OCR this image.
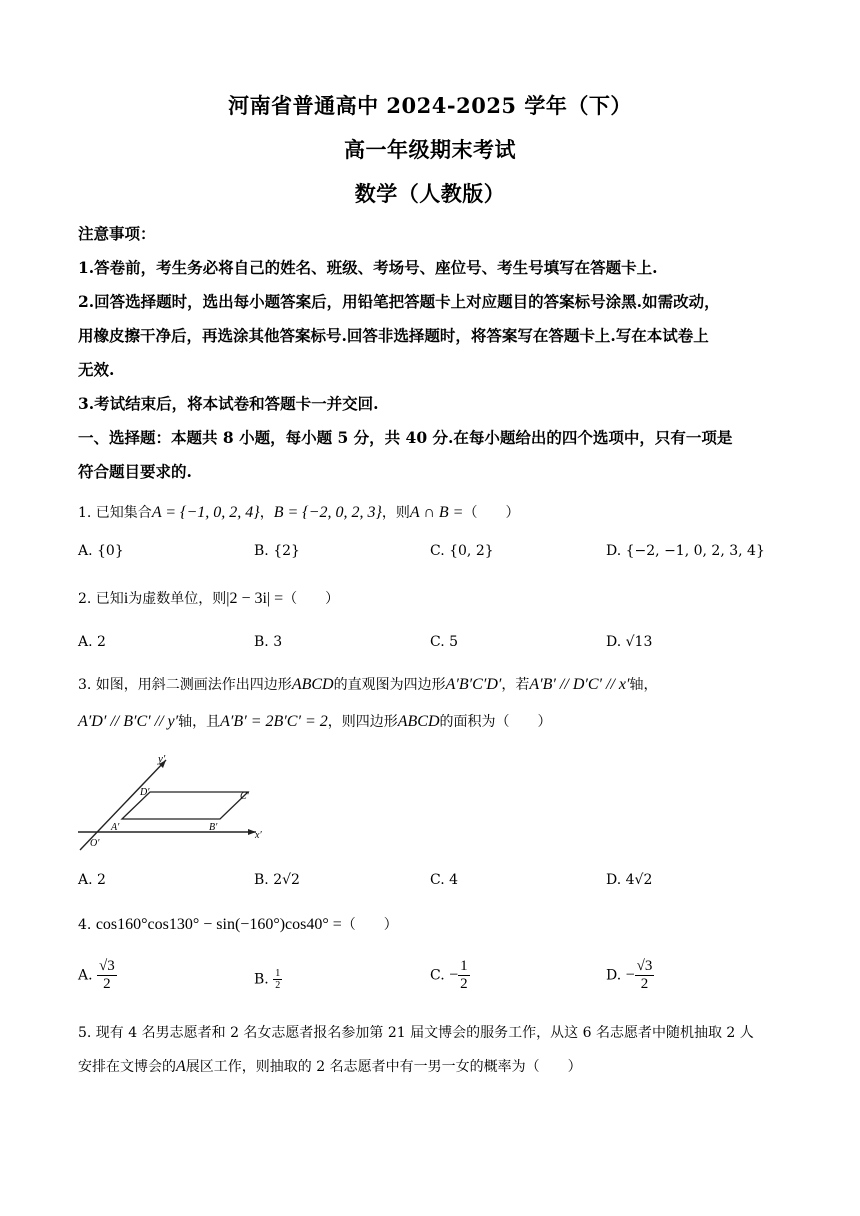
河南省普通高中 2024-2025 学年（下）
高一年级期末考试
数学（人教版）
注意事项：
1.答卷前，考生务必将自己的姓名、班级、考场号、座位号、考生号填写在答题卡上.
2.回答选择题时，选出每小题答案后，用铅笔把答题卡上对应题目的答案标号涂黑.如需改动，
用橡皮擦干净后，再选涂其他答案标号.回答非选择题时，将答案写在答题卡上.写在本试卷上
无效.
3.考试结束后，将本试卷和答题卡一并交回.
一、选择题：本题共 8 小题，每小题 5 分，共 40 分.在每小题给出的四个选项中，只有一项是
符合题目要求的.
1. 已知集合A = {−1, 0, 2, 4}，B = {−2, 0, 2, 3}，则A ∩ B =（　　）
A. {0}	B. {2}	C. {0, 2}	D. {−2, −1, 0, 2, 3, 4}
2. 已知i为虚数单位，则|2 − 3i| =（　　）
A. 2	B. 3	C. 5	D. √13
3. 如图，用斜二测画法作出四边形ABCD的直观图为四边形A′B′C′D′，若A′B′ // D′C′ // x′轴，
A′D′ // B′C′ // y′轴，且A′B′ = 2B′C′ = 2，则四边形ABCD的面积为（　　）
y′
x′
O′
A′	B′
C′
D′
A. 2	B. 2√2	C. 4	D. 4√2
4. cos160°cos130° − sin(−160°)cos40° =（　　）
A. $\frac{√3}{2}$	B. $\frac{1}{2}$	C. − $\frac{1}{2}$	D. − $\frac{√3}{2}$
5. 现有 4 名男志愿者和 2 名女志愿者报名参加第 21 届文博会的服务工作，从这 6 名志愿者中随机抽取 2 人
安排在文博会的A展区工作，则抽取的 2 名志愿者中有一男一女的概率为（　　）
